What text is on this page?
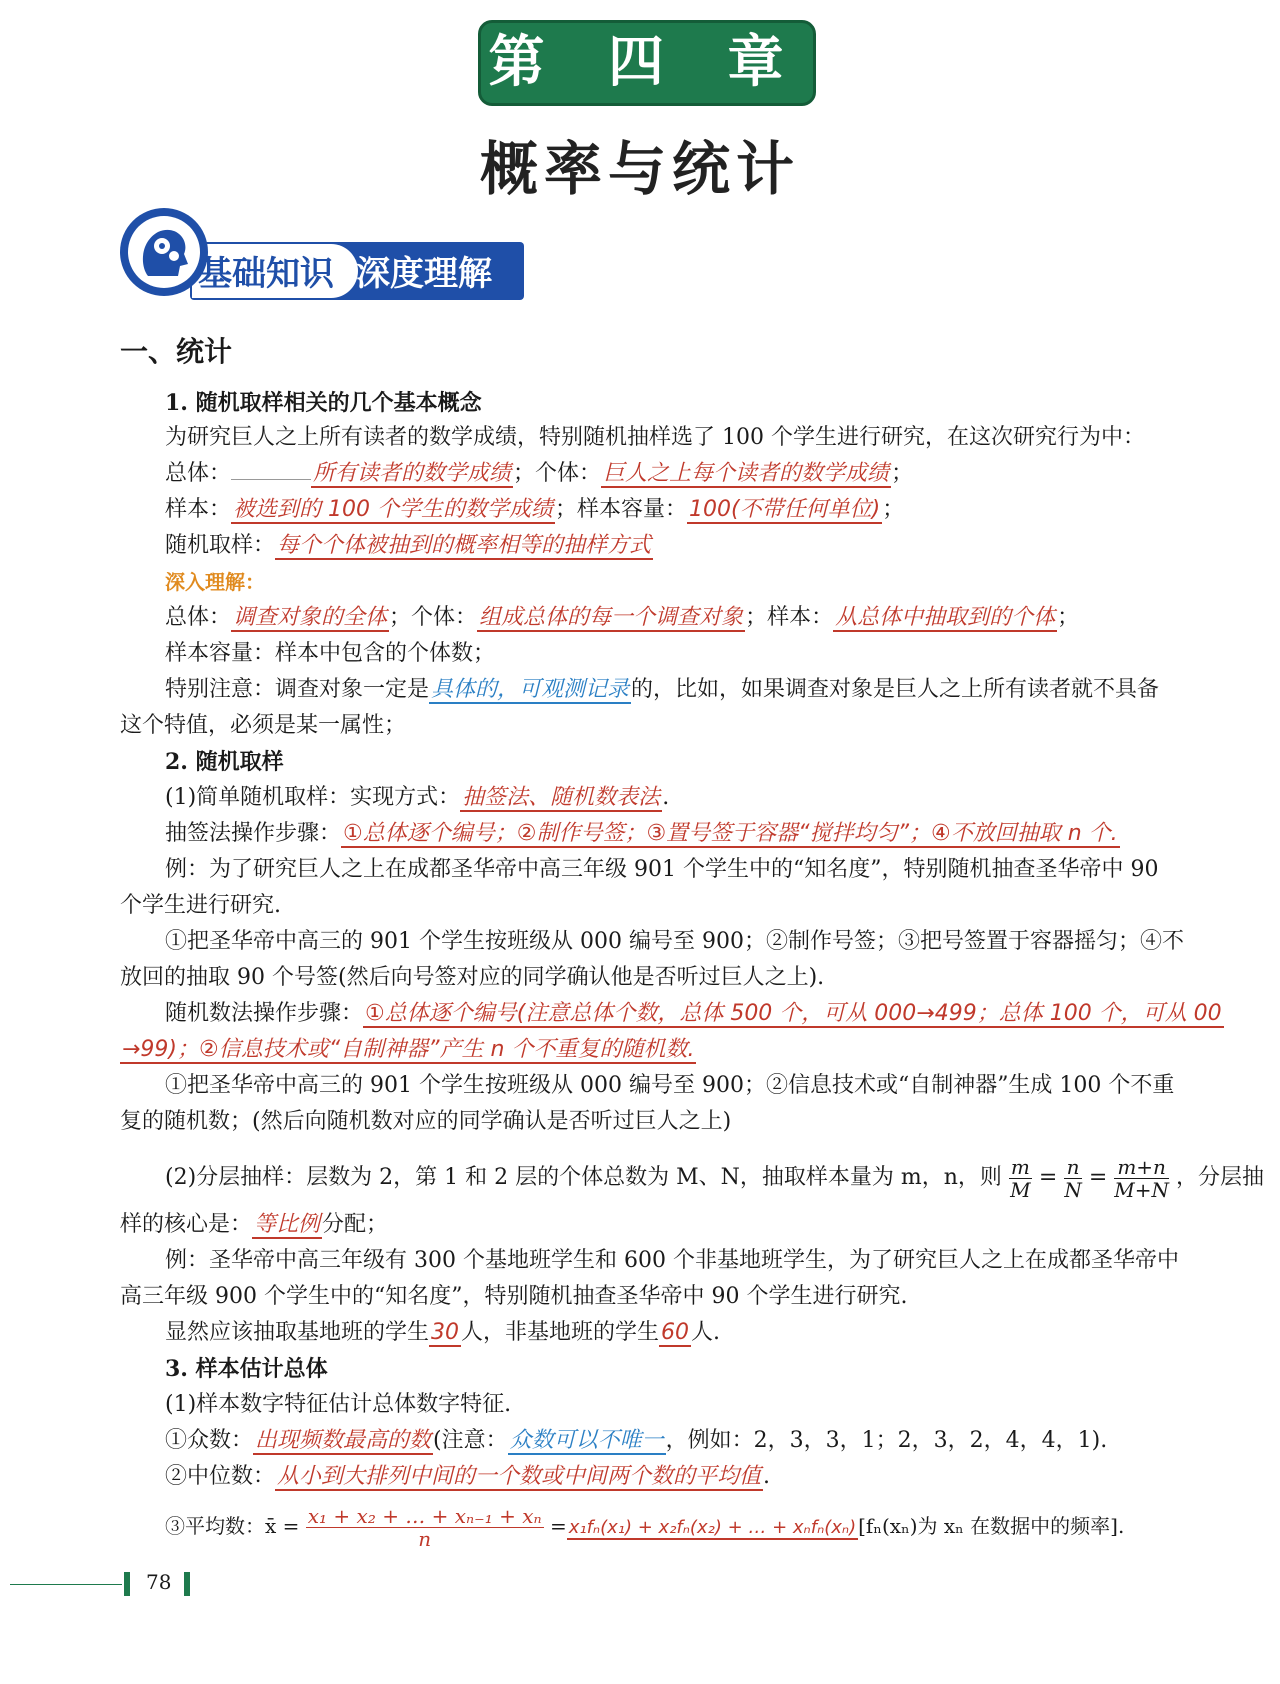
第 四 章
概率与统计
基础知识 深度理解
一、统计
1. 随机取样相关的几个基本概念
为研究巨人之上所有读者的数学成绩，特别随机抽样选了 100 个学生进行研究，在这次研究行为中：
总体：	所有读者的数学成绩；个体：巨人之上每个读者的数学成绩；
样本：被选到的 100 个学生的数学成绩；样本容量：100(不带任何单位)；
随机取样：每个个体被抽到的概率相等的抽样方式
深入理解：
总体：调查对象的全体；个体：组成总体的每一个调查对象；样本：从总体中抽取到的个体；
样本容量：样本中包含的个体数；
特别注意：调查对象一定是具体的，可观测记录的，比如，如果调查对象是巨人之上所有读者就不具备
这个特值，必须是某一属性；
2. 随机取样
(1)简单随机取样：实现方式：抽签法、随机数表法.
抽签法操作步骤：①总体逐个编号；②制作号签；③置号签于容器“搅拌均匀”；④不放回抽取 n 个.
例：为了研究巨人之上在成都圣华帝中高三年级 901 个学生中的“知名度”，特别随机抽查圣华帝中 90
个学生进行研究.
①把圣华帝中高三的 901 个学生按班级从 000 编号至 900；②制作号签；③把号签置于容器摇匀；④不
放回的抽取 90 个号签(然后向号签对应的同学确认他是否听过巨人之上).
随机数法操作步骤：①总体逐个编号(注意总体个数，总体 500 个，可从 000→499；总体 100 个，可从 00
→99)；②信息技术或“自制神器”产生 n 个不重复的随机数.
①把圣华帝中高三的 901 个学生按班级从 000 编号至 900；②信息技术或“自制神器”生成 100 个不重
复的随机数；(然后向随机数对应的同学确认是否听过巨人之上)
(2)分层抽样：层数为 2，第 1 和 2 层的个体总数为 M、N，抽取样本量为 m，n，则 $\frac{m}{M} = \frac{n}{N} = \frac{m+n}{M+N}$ ，分层抽
样的核心是：等比例分配；
例：圣华帝中高三年级有 300 个基地班学生和 600 个非基地班学生，为了研究巨人之上在成都圣华帝中
高三年级 900 个学生中的“知名度”，特别随机抽查圣华帝中 90 个学生进行研究.
显然应该抽取基地班的学生30人，非基地班的学生60人.
3. 样本估计总体
(1)样本数字特征估计总体数字特征.
①众数：出现频数最高的数(注意：众数可以不唯一，例如：2，3，3，1；2，3，2，4，4，1).
②中位数：从小到大排列中间的一个数或中间两个数的平均值.
③平均数：x̄ = $\frac{\text{x₁ + x₂ + … + xₙ₋₁ + xₙ}}{n} = x_1f_n(x_1) + x_2f_n(x_2)$ + … + xₙfₙ(xₙ) [fₙ(xₙ)为 xₙ 在数据中的频率].
78
